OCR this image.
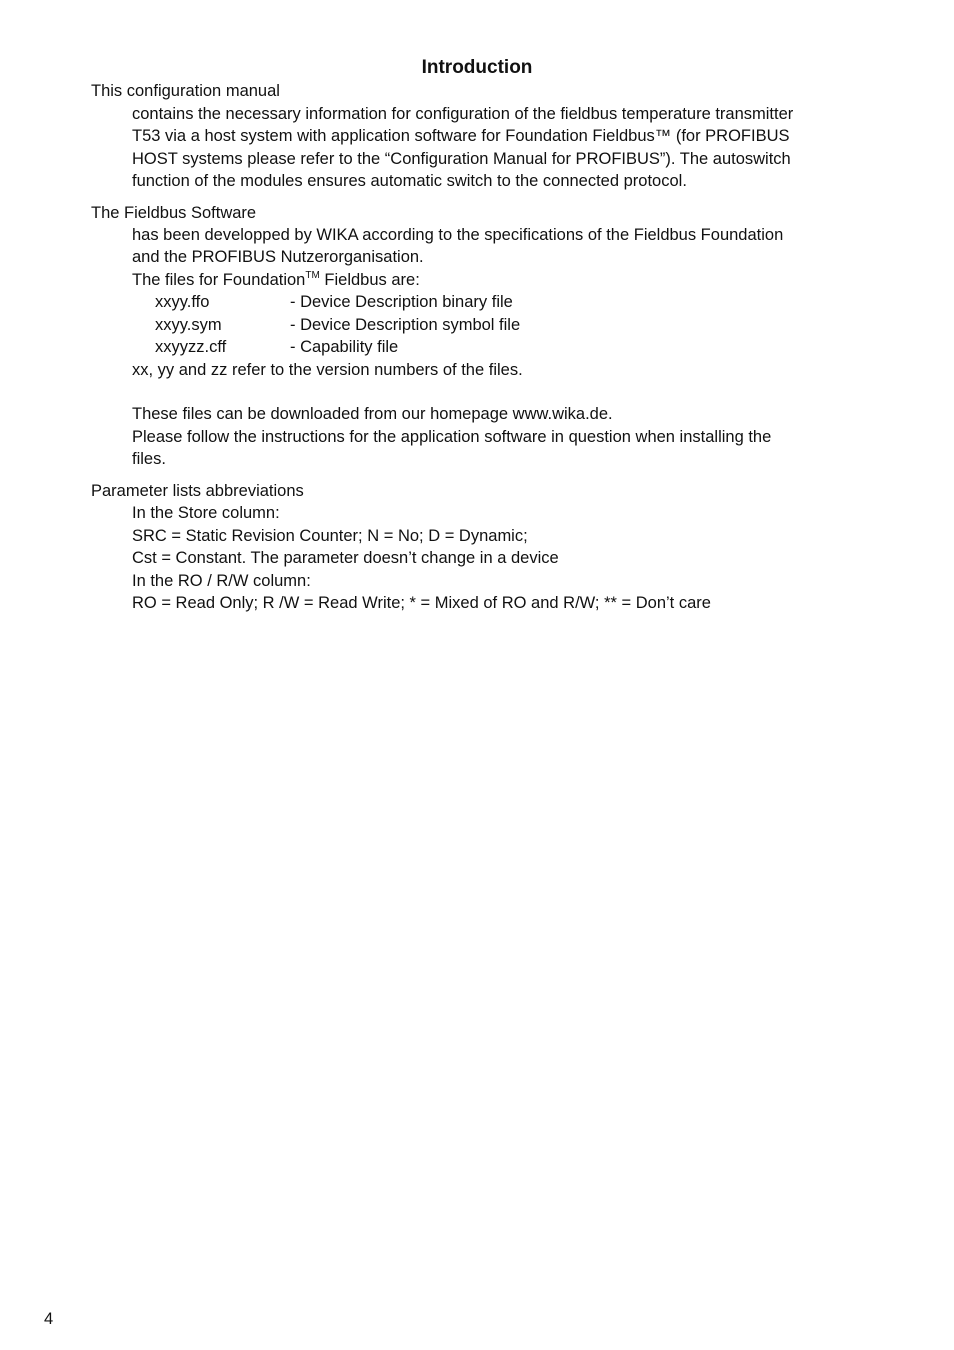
Introduction
This configuration manual
contains the necessary information for configuration of the fieldbus temperature transmitter
T53 via a host system with application software for Foundation Fieldbus™ (for PROFIBUS
HOST systems please refer to the “Configuration Manual for PROFIBUS”). The autoswitch
function of the modules ensures automatic switch to the connected protocol.
The Fieldbus Software
has been developped by WIKA according to the specifications of the Fieldbus Foundation
and the PROFIBUS Nutzerorganisation.
The files for Foundation™ Fieldbus are:
xxyy.ffo	- Device Description binary file
xxyy.sym	- Device Description symbol file
xxyyzz.cff	- Capability file
xx, yy and zz refer to the version numbers of the files.
These files can be downloaded from our homepage www.wika.de.
Please follow the instructions for the application software in question when installing the
files.
Parameter lists abbreviations
In the Store column:
SRC = Static Revision Counter; N = No; D = Dynamic;
Cst = Constant. The parameter doesn’t change in a device
In the RO / R/W column:
RO = Read Only; R /W = Read Write; * = Mixed of RO and R/W; ** = Don’t care
4
